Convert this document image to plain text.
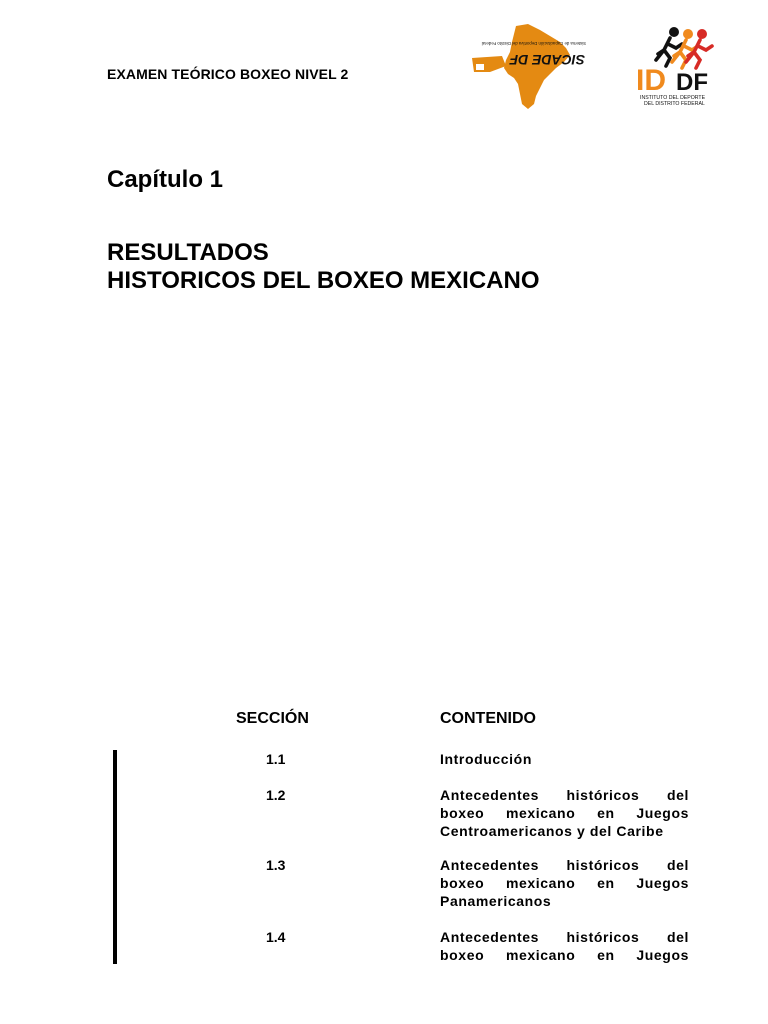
EXAMEN TEÓRICO BOXEO NIVEL 2
SICADE DF
Sistema de Capacitación Deportiva del Distrito Federal
ID DF
INSTITUTO DEL DEPORTE
DEL DISTRITO FEDERAL
Capítulo 1
RESULTADOS
HISTORICOS DEL BOXEO MEXICANO
SECCIÓN	CONTENIDO
1.1	Introducción
1.2	Antecedentes históricos del boxeo mexicano en Juegos Centroamericanos y del Caribe
1.3	Antecedentes históricos del boxeo mexicano en Juegos Panamericanos
1.4	Antecedentes históricos del boxeo mexicano en Juegos
